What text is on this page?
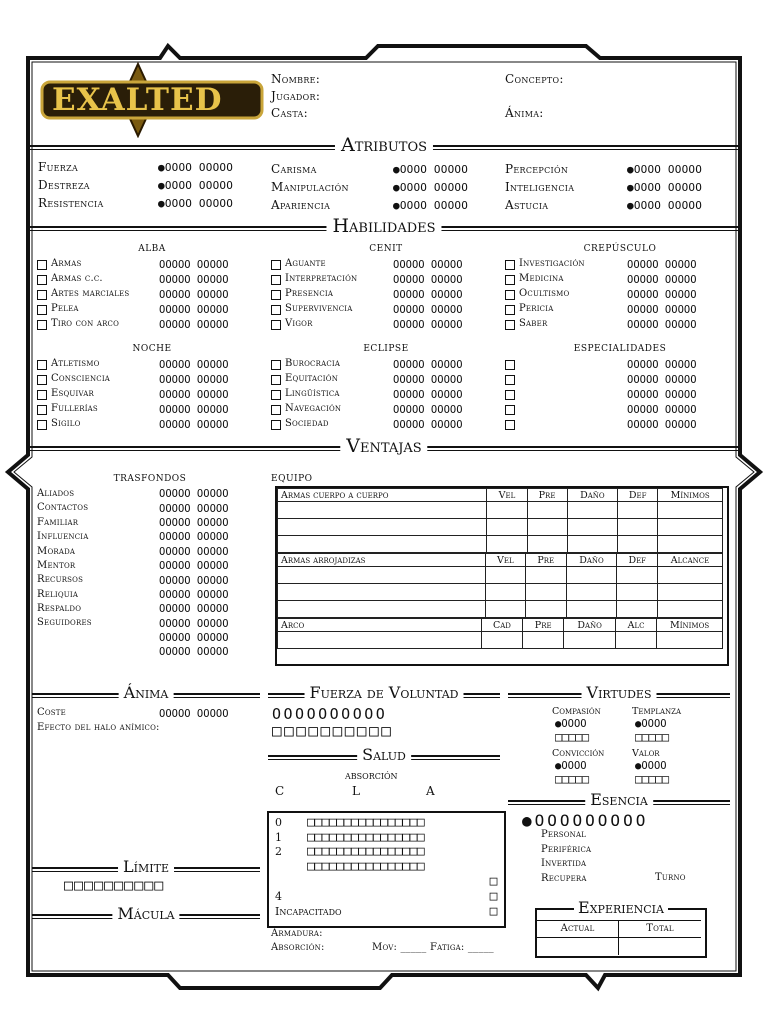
EXALTED
Nombre:
Jugador:
Casta:
Concepto:
Ánima:
Atributos
Fuerza	●OOOO OOOOO
Destreza	●OOOO OOOOO
Resistencia	●OOOO OOOOO
Carisma	●OOOO OOOOO
Manipulación	●OOOO OOOOO
Apariencia	●OOOO OOOOO
Percepción	●OOOO OOOOO
Inteligencia	●OOOO OOOOO
Astucia	●OOOO OOOOO
Habilidades
alba
Armas	OOOOO OOOOO
Armas c.c.	OOOOO OOOOO
Artes marciales	OOOOO OOOOO
Pelea	OOOOO OOOOO
Tiro con arco	OOOOO OOOOO
cenit
Aguante	OOOOO OOOOO
Interpretación	OOOOO OOOOO
Presencia	OOOOO OOOOO
Supervivencia	OOOOO OOOOO
Vigor	OOOOO OOOOO
crepúsculo
Investigación	OOOOO OOOOO
Medicina	OOOOO OOOOO
Ocultismo	OOOOO OOOOO
Pericia	OOOOO OOOOO
Saber	OOOOO OOOOO
noche
Atletismo	OOOOO OOOOO
Consciencia	OOOOO OOOOO
Esquivar	OOOOO OOOOO
Fullerías	OOOOO OOOOO
Sigilo	OOOOO OOOOO
eclipse
Burocracia	OOOOO OOOOO
Equitación	OOOOO OOOOO
Lingüística	OOOOO OOOOO
Navegación	OOOOO OOOOO
Sociedad	OOOOO OOOOO
especialidades
OOOOO OOOOO
OOOOO OOOOO
OOOOO OOOOO
OOOOO OOOOO
OOOOO OOOOO
Ventajas
trasfondos
Aliados	OOOOO OOOOO
Contactos	OOOOO OOOOO
Familiar	OOOOO OOOOO
Influencia	OOOOO OOOOO
Morada	OOOOO OOOOO
Mentor	OOOOO OOOOO
Recursos	OOOOO OOOOO
Reliquia	OOOOO OOOOO
Respaldo	OOOOO OOOOO
Seguidores	OOOOO OOOOO
OOOOO OOOOO
OOOOO OOOOO
equipo
Armas cuerpo a cuerpo	Vel	Pre	Daño	Def	Mínimos

Armas arrojadizas	Vel	Pre	Daño	Def	Alcance

Arco	Cad	Pre	Daño	Alc	Mínimos

Ánima
Coste	OOOOO OOOOO
Efecto del halo anímico:
Fuerza de Voluntad
OOOOOOOOOO
□□□□□□□□□□
Virtudes
Compasión
●OOOO
□□□□□
Templanza
●OOOO
□□□□□
Convicción
●OOOO
□□□□□
Valor
●OOOO
□□□□□
Salud
absorción
C	L	A
0	□□□□□□□□□□□□□□□□
1	□□□□□□□□□□□□□□□□
2	□□□□□□□□□□□□□□□□
□□□□□□□□□□□□□□□□
□
4	□
Incapacitado	□
Armadura:
Absorción:	Mov: _____ Fatiga: _____
Esencia
●OOOOOOOOO
Personal
Periférica
Invertida
Recupera	Turno
Límite
□□□□□□□□□□
Mácula	Experiencia
Actual	Total
